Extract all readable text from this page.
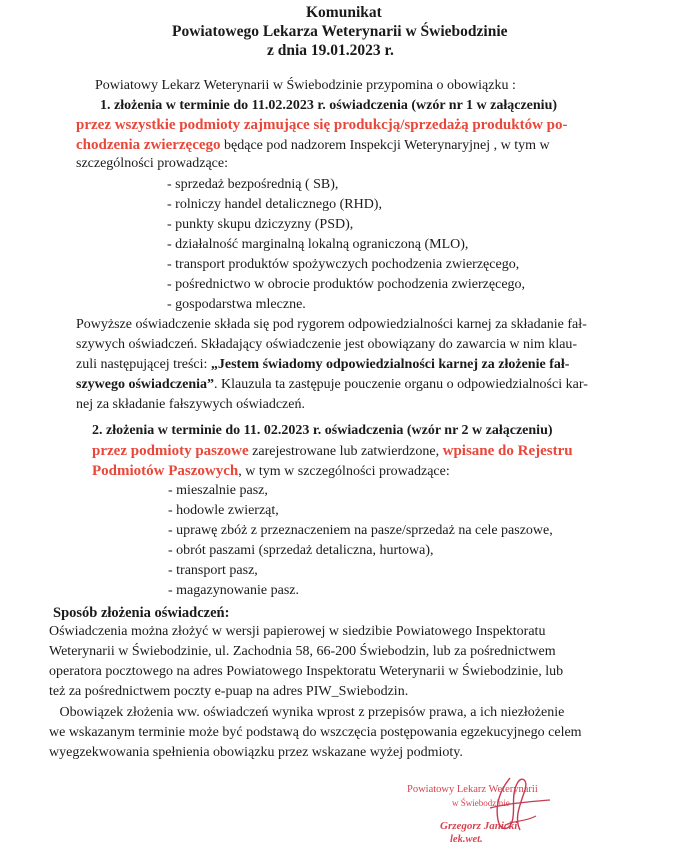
Komunikat
Powiatowego Lekarza Weterynarii w Świebodzinie
z dnia 19.01.2023 r.
Powiatowy Lekarz Weterynarii w Świebodzinie przypomina o obowiązku :
1. złożenia w terminie do 11.02.2023 r. oświadczenia (wzór nr 1 w załączeniu)
przez wszystkie podmioty zajmujące się produkcją/sprzedażą produktów po-
chodzenia zwierzęcego będące pod nadzorem Inspekcji Weterynaryjnej , w tym w
szczególności prowadzące:
- sprzedaż bezpośrednią ( SB),
- rolniczy handel detalicznego (RHD),
- punkty skupu dziczyzny (PSD),
- działalność marginalną lokalną ograniczoną (MLO),
- transport produktów spożywczych pochodzenia zwierzęcego,
- pośrednictwo w obrocie produktów pochodzenia zwierzęcego,
- gospodarstwa mleczne.
Powyższe oświadczenie składa się pod rygorem odpowiedzialności karnej za składanie fał-
szywych oświadczeń. Składający oświadczenie jest obowiązany do zawarcia w nim klau-
zuli następującej treści: „Jestem świadomy odpowiedzialności karnej za złożenie fał-
szywego oświadczenia”. Klauzula ta zastępuje pouczenie organu o odpowiedzialności kar-
nej za składanie fałszywych oświadczeń.
2. złożenia w terminie do 11. 02.2023 r. oświadczenia (wzór nr 2 w załączeniu)
przez podmioty paszowe zarejestrowane lub zatwierdzone, wpisane do Rejestru
Podmiotów Paszowych, w tym w szczególności prowadzące:
- mieszalnie pasz,
- hodowle zwierząt,
- uprawę zbóż z przeznaczeniem na pasze/sprzedaż na cele paszowe,
- obrót paszami (sprzedaż detaliczna, hurtowa),
- transport pasz,
- magazynowanie pasz.
Sposób złożenia oświadczeń:
Oświadczenia można złożyć w wersji papierowej w siedzibie Powiatowego Inspektoratu
Weterynarii w Świebodzinie, ul. Zachodnia 58, 66-200 Świebodzin, lub za pośrednictwem
operatora pocztowego na adres Powiatowego Inspektoratu Weterynarii w Świebodzinie, lub
też za pośrednictwem poczty e-puap na adres PIW_Swiebodzin.
Obowiązek złożenia ww. oświadczeń wynika wprost z przepisów prawa, a ich niezłożenie
we wskazanym terminie może być podstawą do wszczęcia postępowania egzekucyjnego celem
wyegzekwowania spełnienia obowiązku przez wskazane wyżej podmioty.
Powiatowy Lekarz Weterynarii
w Świebodzinie
Grzegorz Janicki
lek.wet.
